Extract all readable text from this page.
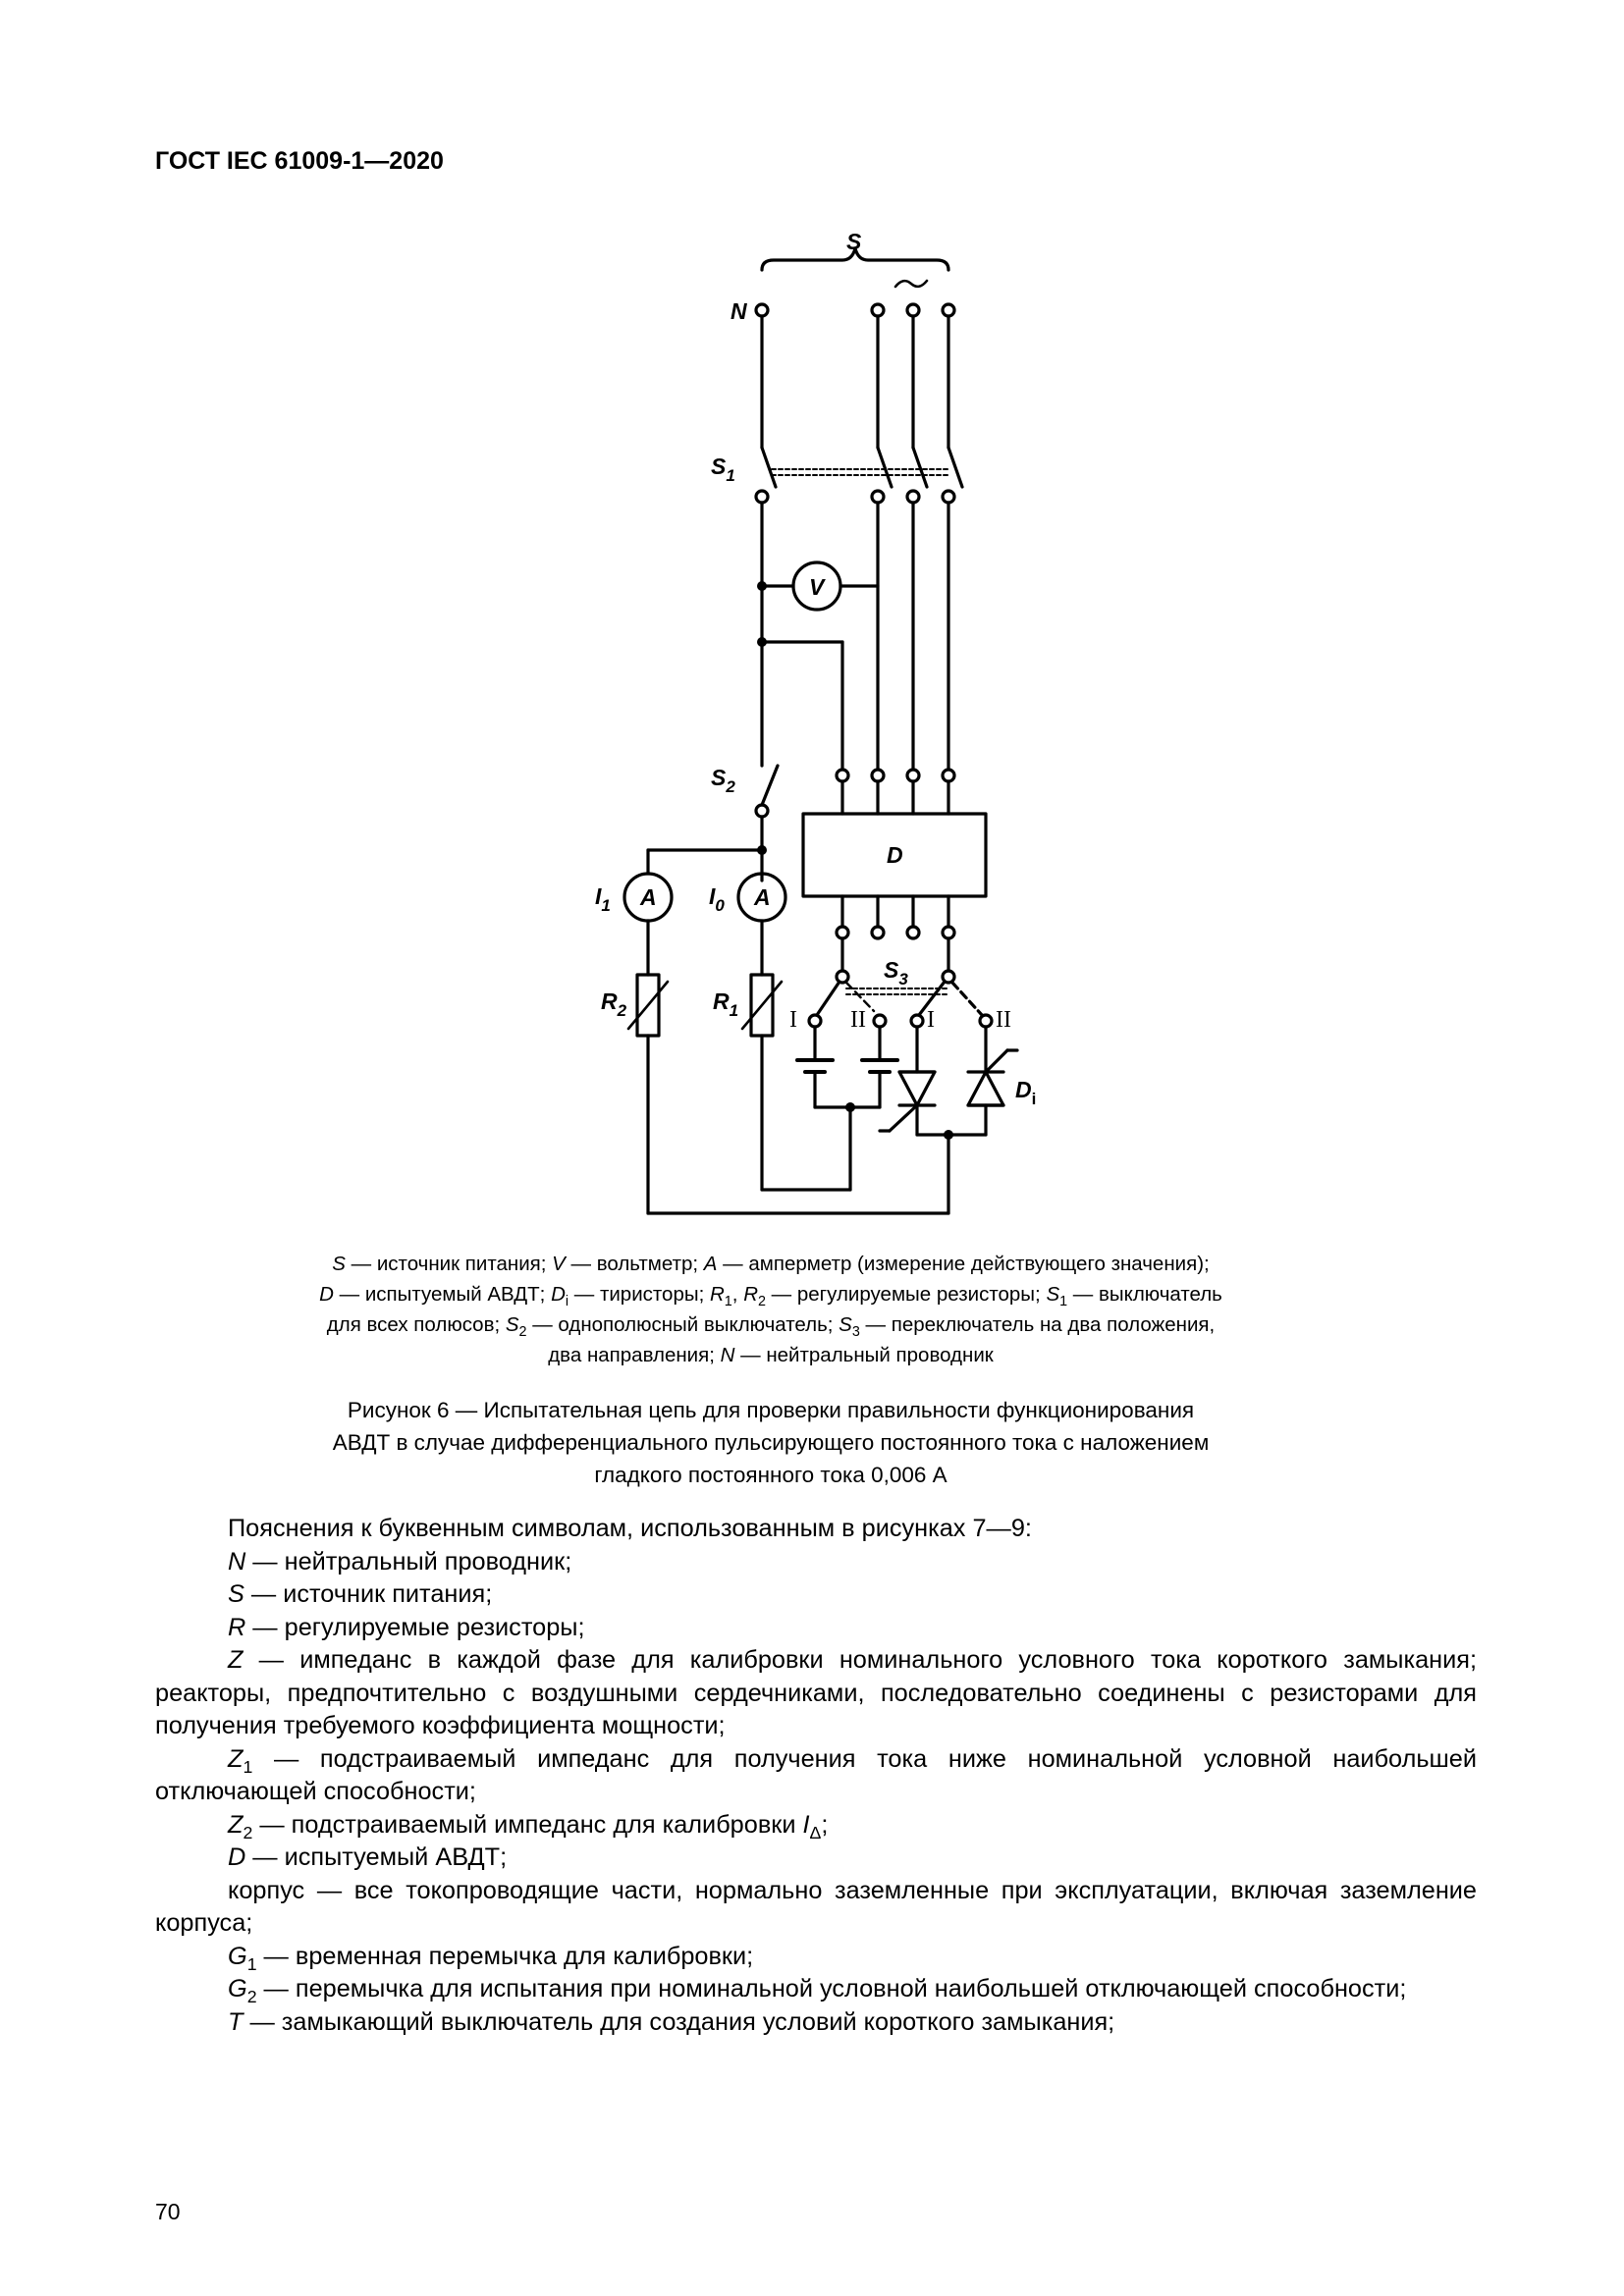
ГОСТ IEC 61009-1—2020
S
N
$S_1$
V
$S_2$
D
$I_1$ A $I_0$ A
$R_2$	$R_1$
$S_3$
I II	I	II
$D_i$
S — источник питания; V — вольтметр; A — амперметр (измерение действующего значения);
D — испытуемый АВДТ; $D_i$ — тиристоры; $R_1$, $R_2$ — регулируемые резисторы; $S_1$ — выключатель
для всех полюсов; $S_2$ — однополюсный выключатель; $S_3$ — переключатель на два положения,
два направления; N — нейтральный проводник
Рисунок 6 — Испытательная цепь для проверки правильности функционирования
АВДТ в случае дифференциального пульсирующего постоянного тока с наложением
гладкого постоянного тока 0,006 А

Пояснения к буквенным символам, использованным в рисунках 7—9:

N — нейтральный проводник;

S — источник питания;

R — регулируемые резисторы;

Z — импеданс в каждой фазе для калибровки номинального условного тока короткого замыкания; реакторы, предпочтительно с воздушными сердечниками, последовательно соединены с резисторами для получения требуемого коэффициента мощности;

$Z_1$ — подстраиваемый импеданс для получения тока ниже номинальной условной наибольшей отключающей способности;

$Z_2$ — подстраиваемый импеданс для калибровки $I_\Delta$;

D — испытуемый АВДТ;

корпус — все токопроводящие части, нормально заземленные при эксплуатации, включая заземление корпуса;

$G_1$ — временная перемычка для калибровки;

$G_2$ — перемычка для испытания при номинальной условной наибольшей отключающей способности;

T — замыкающий выключатель для создания условий короткого замыкания;

70
